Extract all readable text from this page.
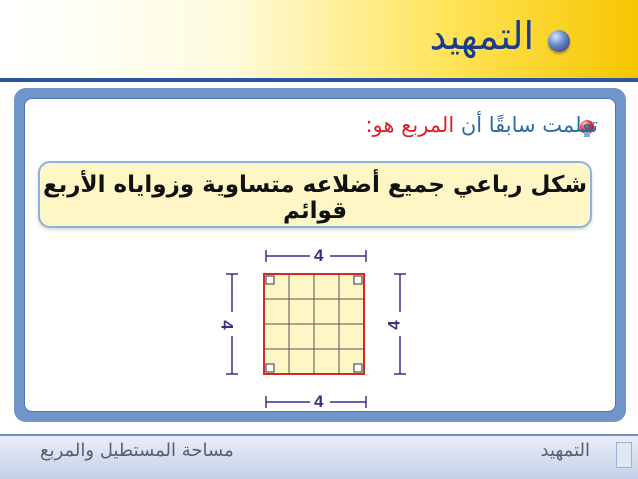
التمهيد
تعلمت سابقًا أن المربع هو:
شكل رباعي جميع أضلاعه متساوية وزواياه الأربع قوائم
4
4
4	4
مساحة المستطيل والمربع	التمهيد
